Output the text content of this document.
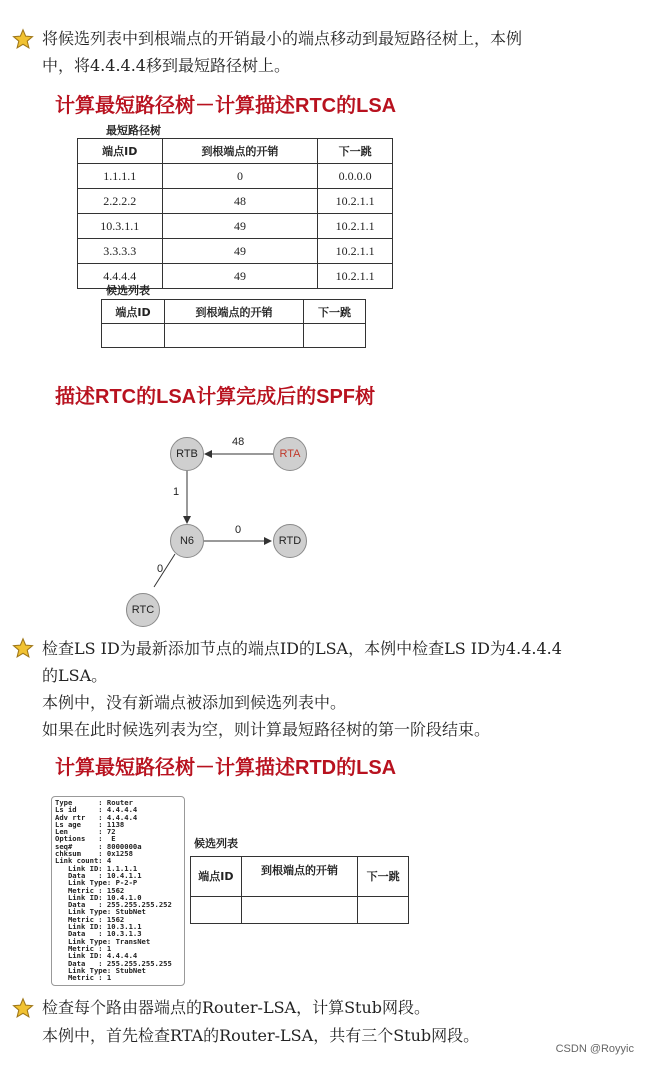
将候选列表中到根端点的开销最小的端点移动到最短路径树上，本例
中，将4.4.4.4移到最短路径树上。
计算最短路径树－计算描述RTC的LSA
最短路径树
端点ID	到根端点的开销	下一跳
1.1.1.1	0	0.0.0.0
2.2.2.2	48	10.2.1.1
10.3.1.1	49	10.2.1.1
3.3.3.3	49	10.2.1.1
4.4.4.4	49	10.2.1.1
候选列表
端点ID	到根端点的开销	下一跳

描述RTC的LSA计算完成后的SPF树
RTB	RTA
N6	RTD
RTC
48
1
0
0
检查LS ID为最新添加节点的端点ID的LSA，本例中检查LS ID为4.4.4.4
的LSA。
本例中，没有新端点被添加到候选列表中。
如果在此时候选列表为空，则计算最短路径树的第一阶段结束。
计算最短路径树－计算描述RTD的LSA
Type      : Router
Ls id     : 4.4.4.4
Adv rtr   : 4.4.4.4
Ls age    : 1138
Len       : 72
Options   :  E
seq#      : 8000000a
chksum    : 0x1258
Link count: 4
Link ID: 1.1.1.1
Data   : 10.4.1.1
Link Type: P-2-P
Metric : 1562
Link ID: 10.4.1.0
Data   : 255.255.255.252
Link Type: StubNet
Metric : 1562
Link ID: 10.3.1.1
Data   : 10.3.1.3
Link Type: TransNet
Metric : 1
Link ID: 4.4.4.4
Data   : 255.255.255.255
Link Type: StubNet
Metric : 1
候选列表
端点ID	到根端点的开销	下一跳

检查每个路由器端点的Router-LSA，计算Stub网段。
本例中，首先检查RTA的Router-LSA，共有三个Stub网段。
CSDN @Royyic
